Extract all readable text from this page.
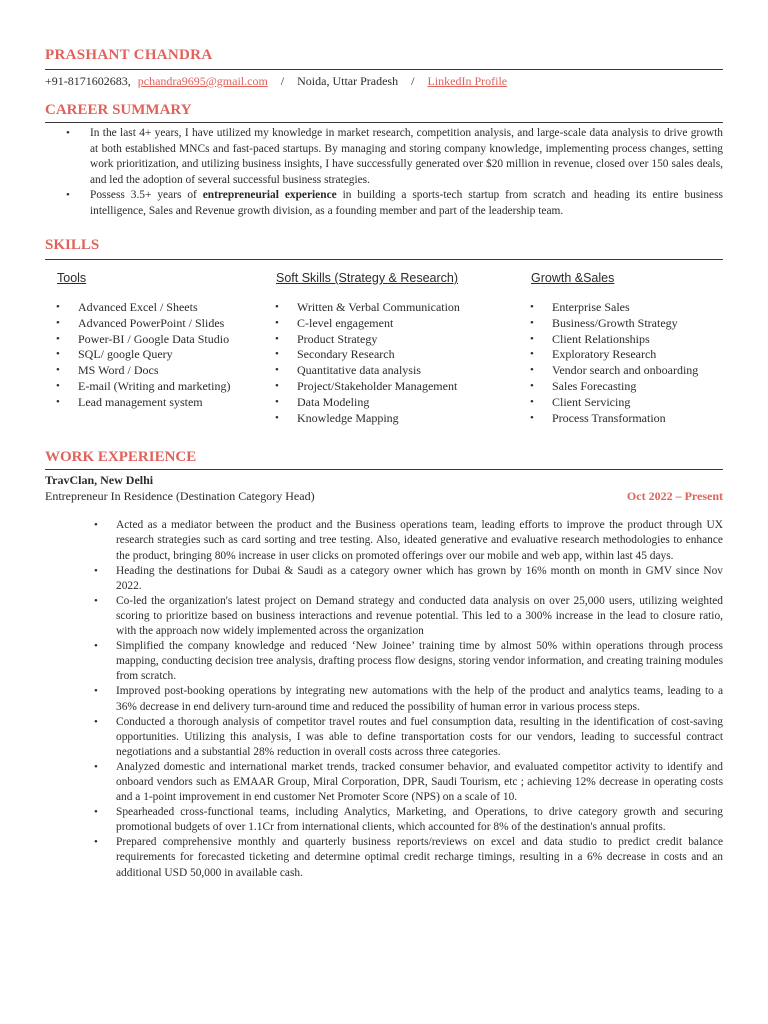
PRASHANT CHANDRA
+91-8171602683, pchandra9695@gmail.com / Noida, Uttar Pradesh / LinkedIn Profile
CAREER SUMMARY
• In the last 4+ years, I have utilized my knowledge in market research, competition analysis, and large-scale data analysis to drive growth at both established MNCs and fast-paced startups. By managing and storing company knowledge, implementing process changes, setting work prioritization, and utilizing business insights, I have successfully generated over $20 million in revenue, closed over 150 sales deals, and led the adoption of several successful business strategies.
• Possess 3.5+ years of entrepreneurial experience in building a sports-tech startup from scratch and heading its entire business intelligence, Sales and Revenue growth division, as a founding member and part of the leadership team.
SKILLS
Tools
• Advanced Excel / Sheets
• Advanced PowerPoint / Slides
• Power-BI / Google Data Studio
• SQL/ google Query
• MS Word / Docs
• E-mail (Writing and marketing)
• Lead management system
Soft Skills (Strategy & Research)
• Written & Verbal Communication
• C-level engagement
• Product Strategy
• Secondary Research
• Quantitative data analysis
• Project/Stakeholder Management
• Data Modeling
• Knowledge Mapping
Growth &Sales
• Enterprise Sales
• Business/Growth Strategy
• Client Relationships
• Exploratory Research
• Vendor search and onboarding
• Sales Forecasting
• Client Servicing
• Process Transformation
WORK EXPERIENCE
TravClan, New Delhi
Entrepreneur In Residence (Destination Category Head)	Oct 2022 – Present
• Acted as a mediator between the product and the Business operations team, leading efforts to improve the product through UX research strategies such as card sorting and tree testing. Also, ideated generative and evaluative research methodologies to enhance the product, bringing 80% increase in user clicks on promoted offerings over our mobile and web app, within last 45 days.
• Heading the destinations for Dubai & Saudi as a category owner which has grown by 16% month on month in GMV since Nov 2022.
• Co-led the organization's latest project on Demand strategy and conducted data analysis on over 25,000 users, utilizing weighted scoring to prioritize based on business interactions and revenue potential. This led to a 300% increase in the lead to closure ratio, with the approach now widely implemented across the organization
• Simplified the company knowledge and reduced ‘New Joinee’ training time by almost 50% within operations through process mapping, conducting decision tree analysis, drafting process flow designs, storing vendor information, and creating training modules from scratch.
• Improved post-booking operations by integrating new automations with the help of the product and analytics teams, leading to a 36% decrease in end delivery turn-around time and reduced the possibility of human error in various process steps.
• Conducted a thorough analysis of competitor travel routes and fuel consumption data, resulting in the identification of cost-saving opportunities. Utilizing this analysis, I was able to define transportation costs for our vendors, leading to successful contract negotiations and a substantial 28% reduction in overall costs across three categories.
• Analyzed domestic and international market trends, tracked consumer behavior, and evaluated competitor activity to identify and onboard vendors such as EMAAR Group, Miral Corporation, DPR, Saudi Tourism, etc ; achieving 12% decrease in operating costs and a 1-point improvement in end customer Net Promoter Score (NPS) on a scale of 10.
• Spearheaded cross-functional teams, including Analytics, Marketing, and Operations, to drive category growth and securing promotional budgets of over 1.1Cr from international clients, which accounted for 8% of the destination's annual profits.
• Prepared comprehensive monthly and quarterly business reports/reviews on excel and data studio to predict credit balance requirements for forecasted ticketing and determine optimal credit recharge timings, resulting in a 6% decrease in costs and an additional USD 50,000 in available cash.
